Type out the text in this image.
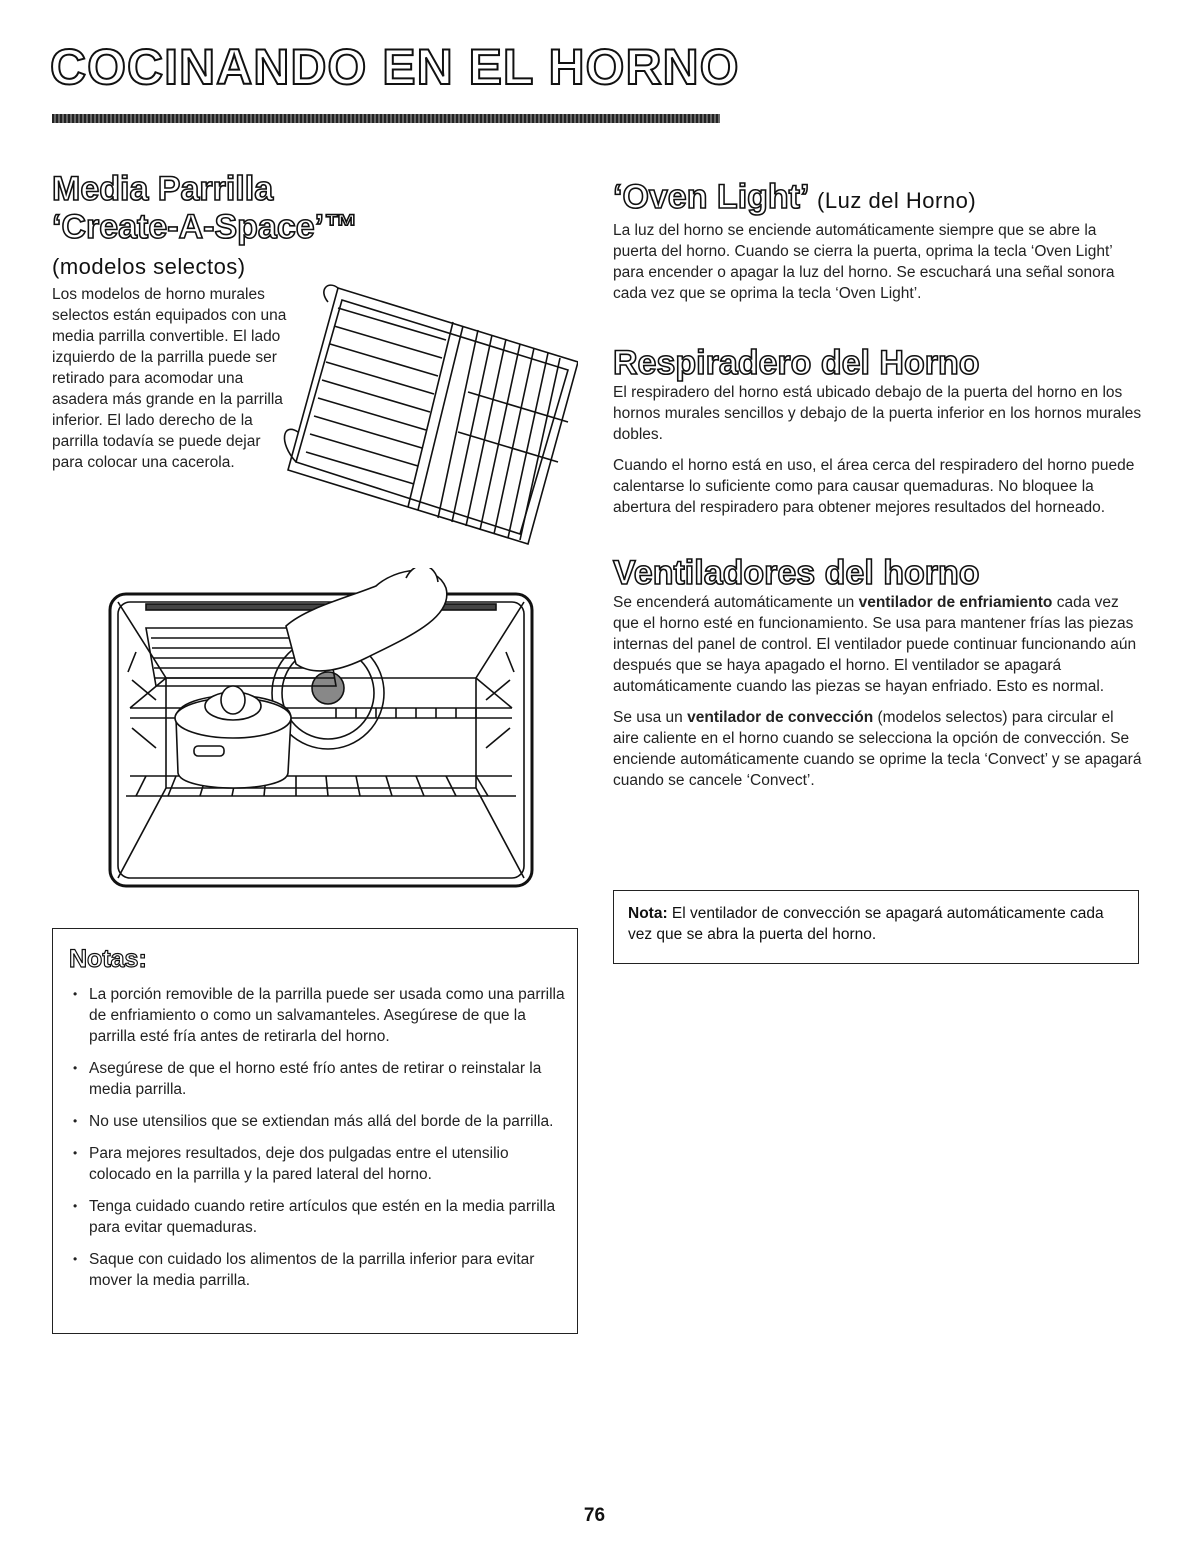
COCINANDO EN EL HORNO
Media Parrilla
‘Create-A-Space’™
(modelos selectos)

Los modelos de horno murales selectos están equipados con una media parrilla convertible. El lado izquierdo de la parrilla puede ser retirado para acomodar una asadera más grande en la parrilla inferior. El lado derecho de la parrilla todavía se puede dejar para colocar una cacerola.

Notas:
• La porción removible de la parrilla puede ser usada como una parrilla de enfriamiento o como un salvamanteles. Asegúrese de que la parrilla esté fría antes de retirarla del horno.
• Asegúrese de que el horno esté frío antes de retirar o reinstalar la media parrilla.
• No use utensilios que se extiendan más allá del borde de la parrilla.
• Para mejores resultados, deje dos pulgadas entre el utensilio colocado en la parrilla y la pared lateral del horno.
• Tenga cuidado cuando retire artículos que estén en la media parrilla para evitar quemaduras.
• Saque con cuidado los alimentos de la parrilla inferior para evitar mover la media parrilla.
‘Oven Light’ (Luz del Horno)

La luz del horno se enciende automáticamente siempre que se abre la puerta del horno. Cuando se cierra la puerta, oprima la tecla ‘Oven Light’ para encender o apagar la luz del horno. Se escuchará una señal sonora cada vez que se oprima la tecla ‘Oven Light’.

Respiradero del Horno

El respiradero del horno está ubicado debajo de la puerta del horno en los hornos murales sencillos y debajo de la puerta inferior en los hornos murales dobles.

Cuando el horno está en uso, el área cerca del respiradero del horno puede calentarse lo suficiente como para causar quemaduras. No bloquee la abertura del respiradero para obtener mejores resultados del horneado.

Ventiladores del horno

Se encenderá automáticamente un ventilador de enfriamiento cada vez que el horno esté en funcionamiento. Se usa para mantener frías las piezas internas del panel de control. El ventilador puede continuar funcionando aún después que se haya apagado el horno. El ventilador se apagará automáticamente cuando las piezas se hayan enfriado. Esto es normal.

Se usa un ventilador de convección (modelos selectos) para circular el aire caliente en el horno cuando se selecciona la opción de convección. Se enciende automáticamente cuando se oprime la tecla ‘Convect’ y se apagará cuando se cancele ‘Convect’.

Nota: El ventilador de convección se apagará automáticamente cada vez que se abra la puerta del horno.
76
